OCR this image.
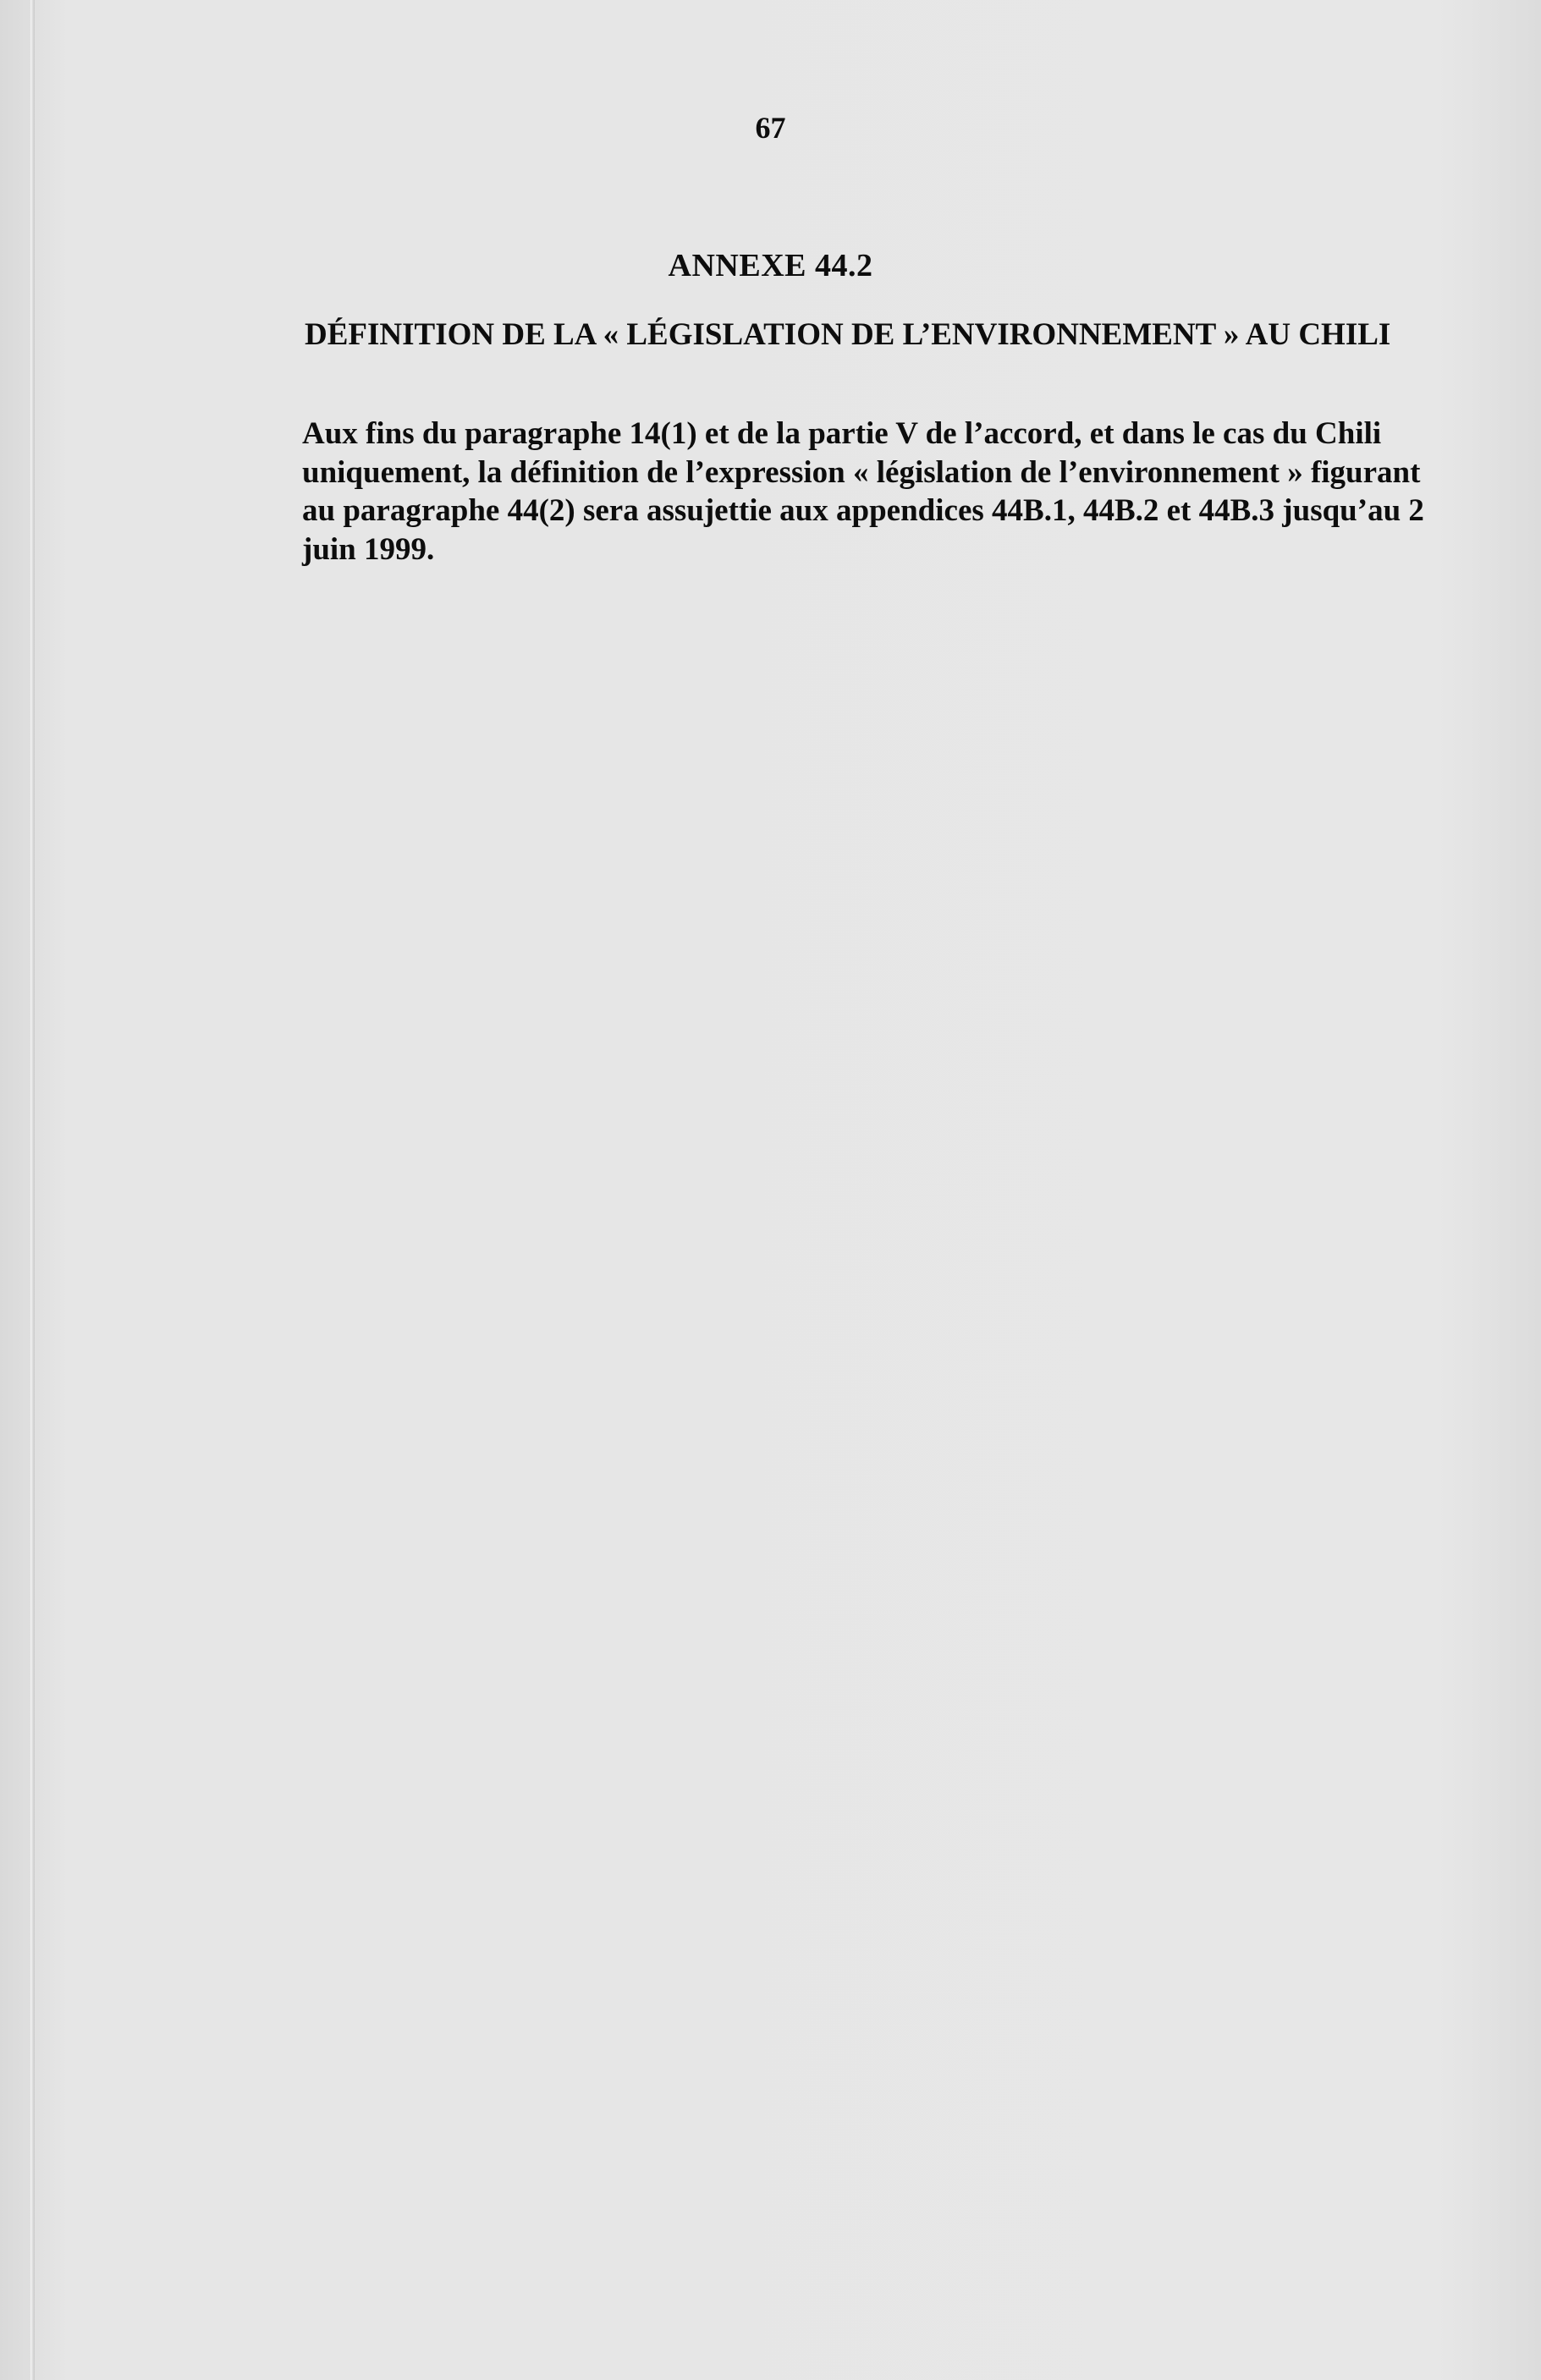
67
ANNEXE 44.2
DÉFINITION DE LA « LÉGISLATION DE L’ENVIRONNEMENT » AU CHILI

Aux fins du paragraphe 14(1) et de la partie V de l’accord, et dans le cas du Chili
uniquement, la définition de l’expression « législation de l’environnement » figurant
au paragraphe 44(2) sera assujettie aux appendices 44B.1, 44B.2 et 44B.3 jusqu’au 2
juin 1999.
